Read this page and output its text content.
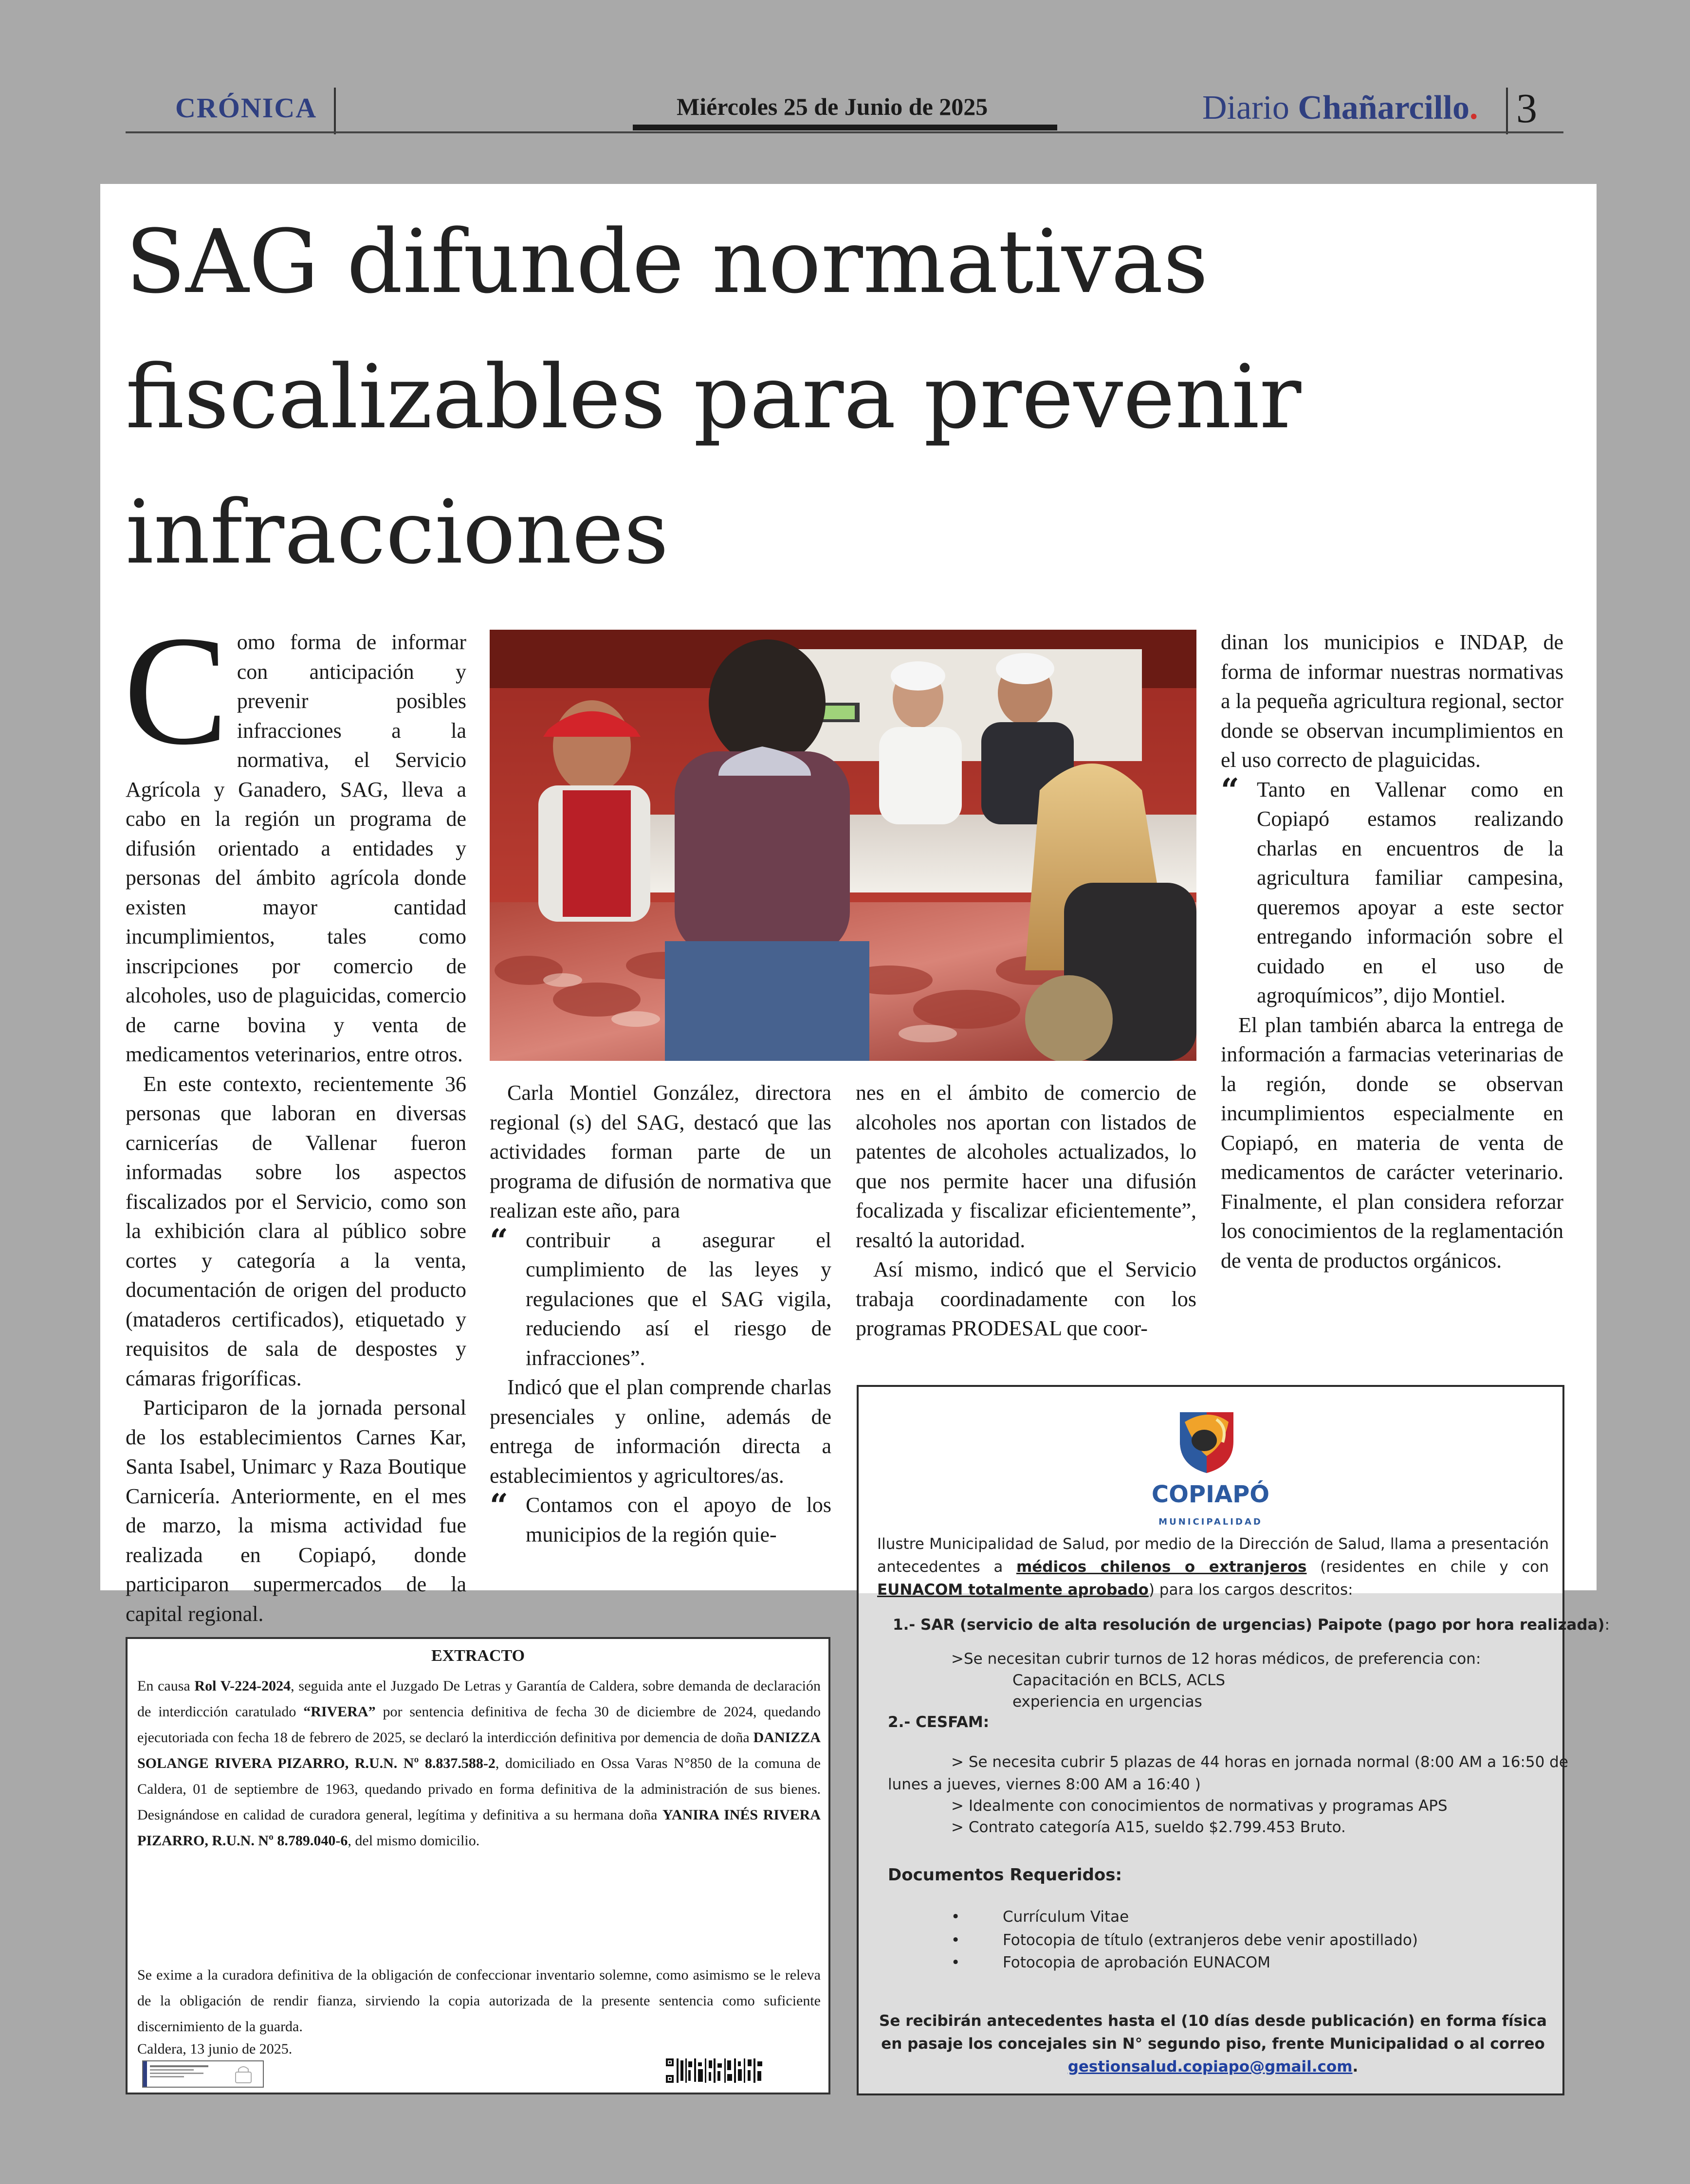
CRÓNICA	Miércoles 25 de Junio de 2025	Diario Chañarcillo. 3
SAG difunde normativas fiscalizables para prevenir infracciones

Como forma de informar con anticipación y prevenir posibles infracciones a la normativa, el Servicio Agrícola y Ganadero, SAG, lleva a cabo en la región un programa de difusión orientado a entidades y personas del ámbito agrícola donde existen mayor cantidad incumplimientos, tales como inscripciones por comercio de alcoholes, uso de plaguicidas, comercio de carne bovina y venta de medicamentos veterinarios, entre otros.

En este contexto, recientemente 36 personas que laboran en diversas carnicerías de Vallenar fueron informadas sobre los aspectos fiscalizados por el Servicio, como son la exhibición clara al público sobre cortes y categoría a la venta, documentación de origen del producto (mataderos certificados), etiquetado y requisitos de sala de despostes y cámaras frigoríficas.

Participaron de la jornada personal de los establecimientos Carnes Kar, Santa Isabel, Unimarc y Raza Boutique Carnicería. Anteriormente, en el mes de marzo, la misma actividad fue realizada en Copiapó, donde participaron supermercados de la capital regional.

Carla Montiel González, directora regional (s) del SAG, destacó que las actividades forman parte de un programa de difusión de normativa que realizan este año, para

“ contribuir a asegurar el cumplimiento de las leyes y regulaciones que el SAG vigila, reduciendo así el riesgo de infracciones”.

Indicó que el plan comprende charlas presenciales y online, además de entrega de información directa a establecimientos y agricultores/as.

“ Contamos con el apoyo de los municipios de la región quie-

nes en el ámbito de comercio de alcoholes nos aportan con listados de patentes de alcoholes actualizados, lo que nos permite hacer una difusión focalizada y fiscalizar eficientemente”, resaltó la autoridad.

Así mismo, indicó que el Servicio trabaja coordinadamente con los programas PRODESAL que coor-

dinan los municipios e INDAP, de forma de informar nuestras normativas a la pequeña agricultura regional, sector donde se observan incumplimientos en el uso correcto de plaguicidas.

“ Tanto en Vallenar como en Copiapó estamos realizando charlas en encuentros de la agricultura familiar campesina, queremos apoyar a este sector entregando información sobre el cuidado en el uso de agroquímicos”, dijo Montiel.

El plan también abarca la entrega de información a farmacias veterinarias de la región, donde se observan incumplimientos especialmente en Copiapó, en materia de venta de medicamentos de carácter veterinario. Finalmente, el plan considera reforzar los conocimientos de la reglamentación de venta de productos orgánicos.

EXTRACTO

En causa Rol V-224-2024, seguida ante el Juzgado De Letras y Garantía de Caldera, sobre demanda de declaración de interdicción caratulado “RIVERA” por sentencia definitiva de fecha 30 de diciembre de 2024, quedando ejecutoriada con fecha 18 de febrero de 2025, se declaró la interdicción definitiva por demencia de doña DANIZZA SOLANGE RIVERA PIZARRO, R.U.N. Nº 8.837.588-2, domiciliado en Ossa Varas N°850 de la comuna de Caldera, 01 de septiembre de 1963, quedando privado en forma definitiva de la administración de sus bienes. Designándose en calidad de curadora general, legítima y definitiva a su hermana doña YANIRA INÉS RIVERA PIZARRO, R.U.N. Nº 8.789.040-6, del mismo domicilio.

Se exime a la curadora definitiva de la obligación de confeccionar inventario solemne, como asimismo se le releva de la obligación de rendir fianza, sirviendo la copia autorizada de la presente sentencia como suficiente discernimiento de la guarda.

Caldera, 13 junio de 2025.

COPIAPÓ
MUNICIPALIDAD

Ilustre Municipalidad de Salud, por medio de la Dirección de Salud, llama a presentación antecedentes a médicos chilenos o extranjeros (residentes en chile y con EUNACOM totalmente aprobado) para los cargos descritos:

1.- SAR (servicio de alta resolución de urgencias) Paipote (pago por hora realizada):

>Se necesitan cubrir turnos de 12 horas médicos, de preferencia con:

Capacitación en BCLS, ACLS

experiencia en urgencias

2.- CESFAM:

> Se necesita cubrir 5 plazas de 44 horas en jornada normal (8:00 AM a 16:50 de

lunes a jueves, viernes 8:00 AM a 16:40 )

> Idealmente con conocimientos de normativas y programas APS

> Contrato categoría A15, sueldo $2.799.453 Bruto.

Documentos Requeridos:

•	Currículum Vitae

•	Fotocopia de título (extranjeros debe venir apostillado)

•	Fotocopia de aprobación EUNACOM

Se recibirán antecedentes hasta el (10 días desde publicación) en forma física en pasaje los concejales sin N° segundo piso, frente Municipalidad o al correo
gestionsalud.copiapo@gmail.com.
